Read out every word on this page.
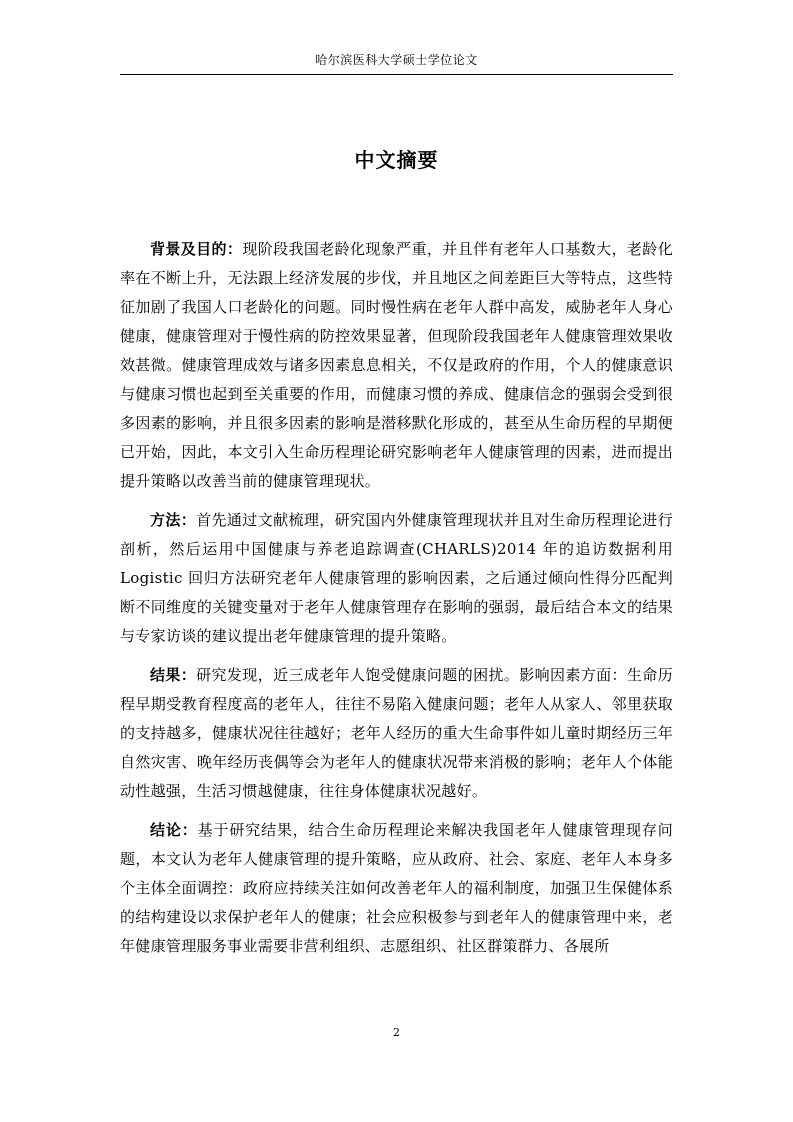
哈尔滨医科大学硕士学位论文
中文摘要

背景及目的：现阶段我国老龄化现象严重，并且伴有老年人口基数大，老龄化率在不断上升，无法跟上经济发展的步伐，并且地区之间差距巨大等特点，这些特征加剧了我国人口老龄化的问题。同时慢性病在老年人群中高发，威胁老年人身心健康，健康管理对于慢性病的防控效果显著，但现阶段我国老年人健康管理效果收效甚微。健康管理成效与诸多因素息息相关，不仅是政府的作用，个人的健康意识与健康习惯也起到至关重要的作用，而健康习惯的养成、健康信念的强弱会受到很多因素的影响，并且很多因素的影响是潜移默化形成的，甚至从生命历程的早期便已开始，因此，本文引入生命历程理论研究影响老年人健康管理的因素，进而提出提升策略以改善当前的健康管理现状。

方法：首先通过文献梳理，研究国内外健康管理现状并且对生命历程理论进行剖析，然后运用中国健康与养老追踪调查(CHARLS)2014 年的追访数据利用 Logistic 回归方法研究老年人健康管理的影响因素，之后通过倾向性得分匹配判断不同维度的关键变量对于老年人健康管理存在影响的强弱，最后结合本文的结果与专家访谈的建议提出老年健康管理的提升策略。

结果：研究发现，近三成老年人饱受健康问题的困扰。影响因素方面：生命历程早期受教育程度高的老年人，往往不易陷入健康问题；老年人从家人、邻里获取的支持越多，健康状况往往越好；老年人经历的重大生命事件如儿童时期经历三年自然灾害、晚年经历丧偶等会为老年人的健康状况带来消极的影响；老年人个体能动性越强，生活习惯越健康，往往身体健康状况越好。

结论：基于研究结果，结合生命历程理论来解决我国老年人健康管理现存问题，本文认为老年人健康管理的提升策略，应从政府、社会、家庭、老年人本身多个主体全面调控：政府应持续关注如何改善老年人的福利制度，加强卫生保健体系的结构建设以求保护老年人的健康；社会应积极参与到老年人的健康管理中来，老年健康管理服务事业需要非营利组织、志愿组织、社区群策群力、各展所

2
